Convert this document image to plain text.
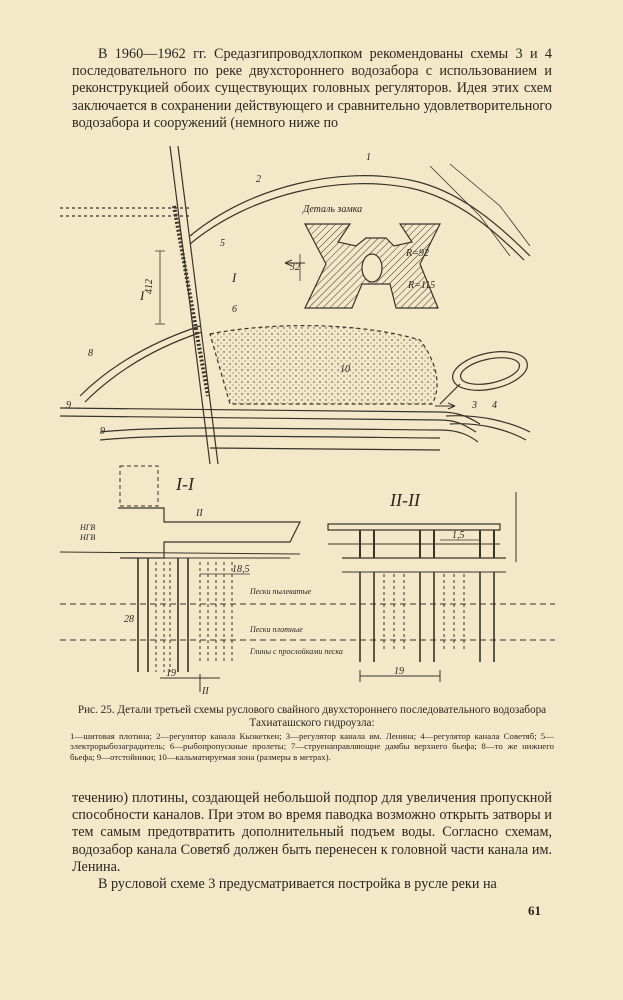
В 1960—1962 гг. Средазгипроводхлопком рекомендованы схемы 3 и 4 последовательного по реке двухстороннего водозабора с использованием и реконструкцией обоих существующих головных регуляторов. Идея этих схем заключается в сохранении действующего и сравнительно удовлетворительного водозабора и сооружений (немного ниже по

Деталь замка
412
32
R=92
R=115
I
I
1
2
3 4
5
6
8
9
9
10
I-I
II-II
II
II
НГВ
НГВ
18,5
28
19	19
1,5
Пески пылеватые
Пески плотные
Глины с прослойками песка
Рис. 25. Детали третьей схемы руслового свайного двухстороннего последовательного водозабора Тахиаташского гидроузла:
1—шитовая плотина; 2—регулятор канала Кызкеткен; 3—регулятор канала им. Ленина; 4—регулятор канала Советяб; 5—электрорыбозаградитель; 6—рыбопропускные пролеты; 7—струенаправляющие дамбы верхнего бьефа; 8—то же нижнего бьефа; 9—отстойники; 10—кальматируемая зона (размеры в метрах).

течению) плотины, создающей небольшой подпор для увеличения пропускной способности каналов. При этом во время паводка возможно открыть затворы и тем самым предотвратить дополнительный подъем воды. Согласно схемам, водозабор канала Советяб должен быть перенесен к головной части канала им. Ленина.

В русловой схеме 3 предусматривается постройка в русле реки на

61
